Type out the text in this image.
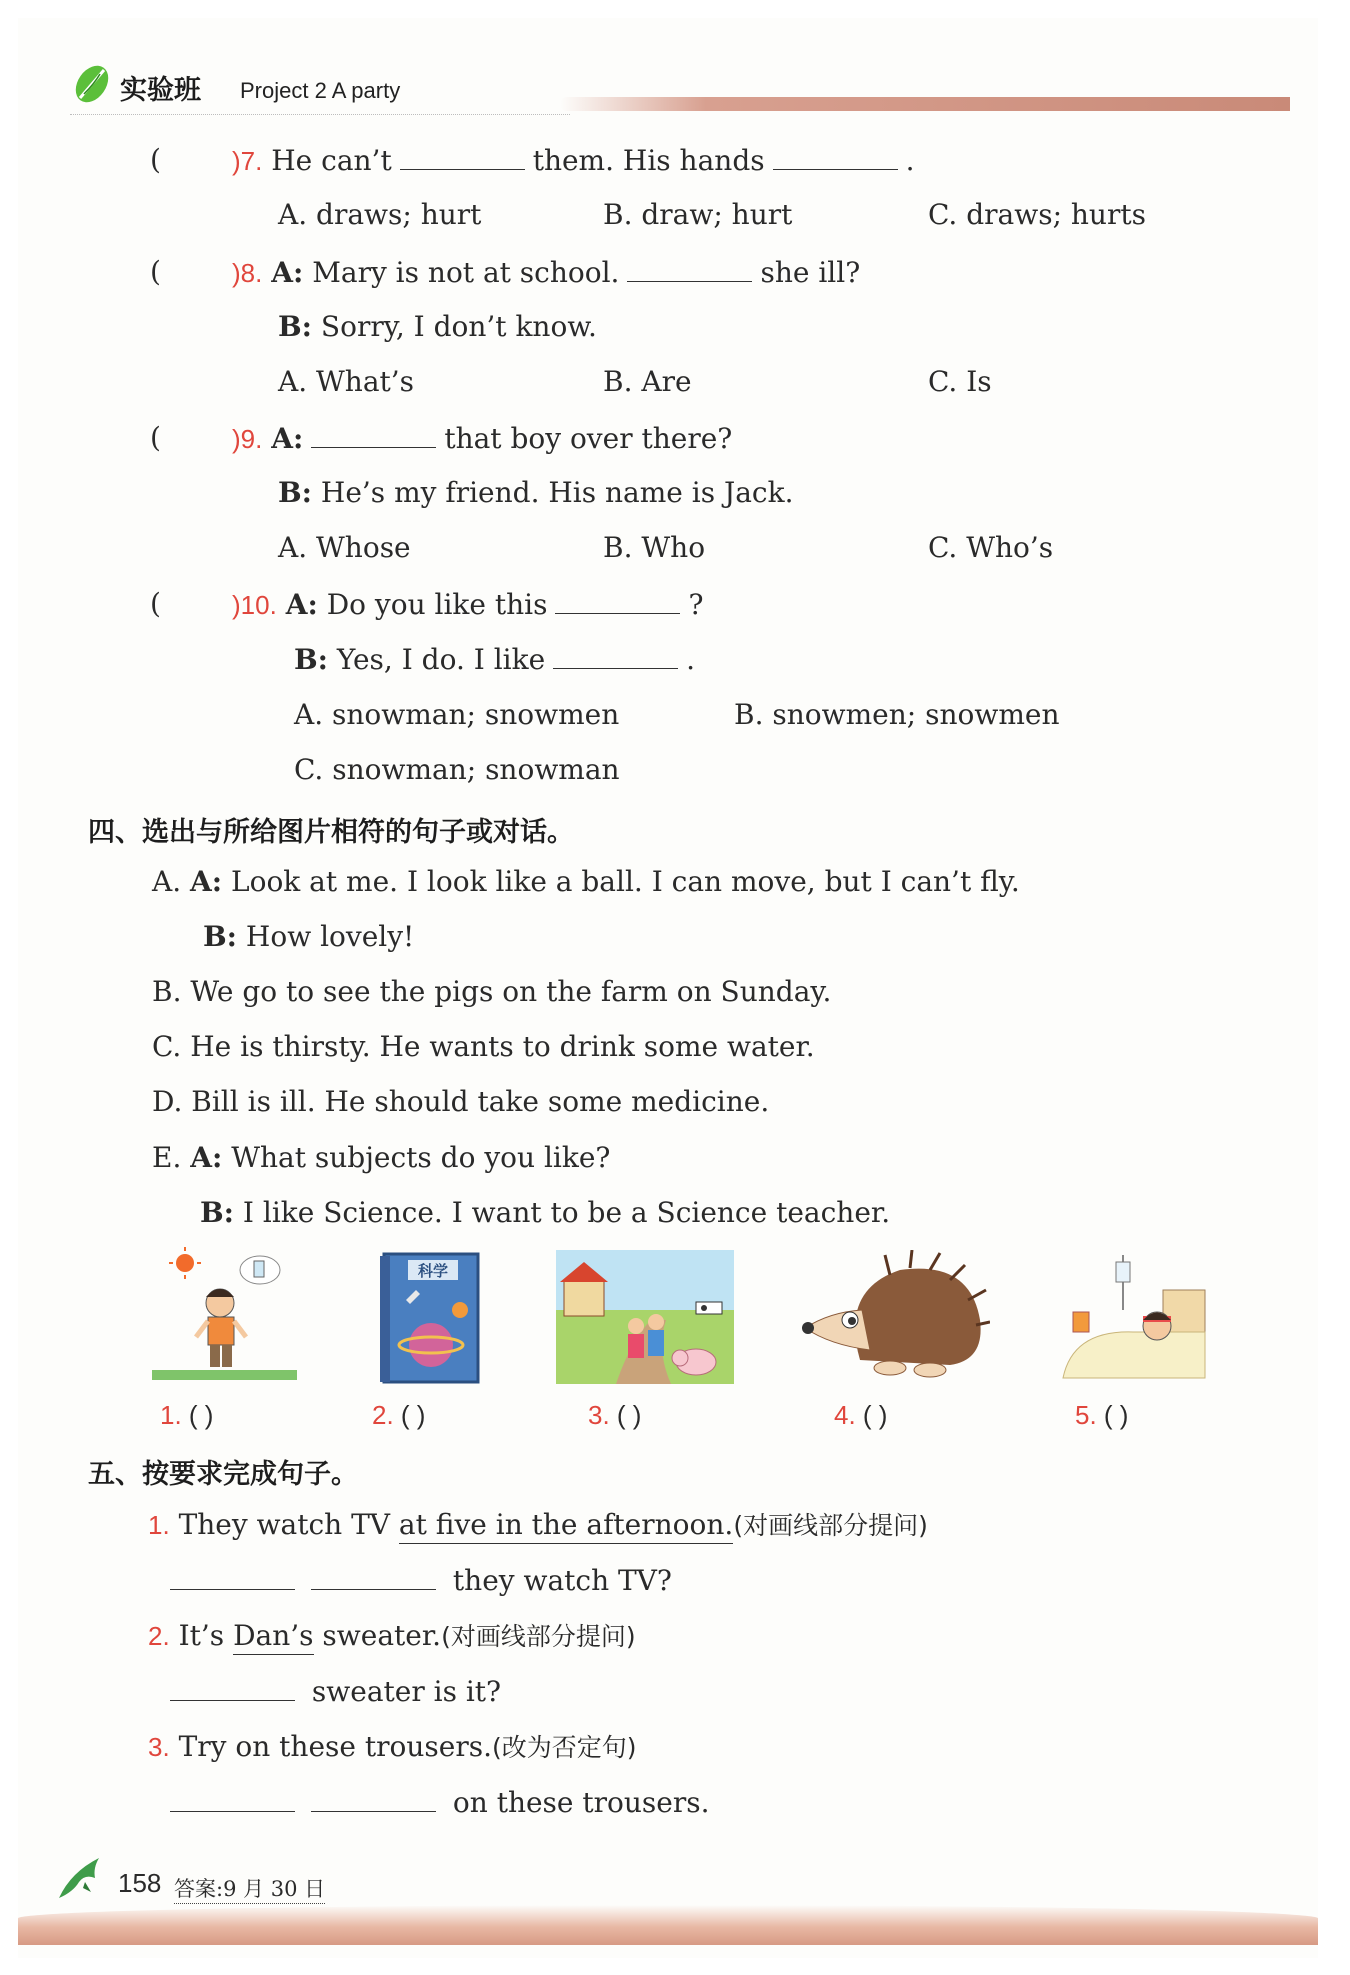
实验班 Project 2 A party
(	)7. He can’t	them. His hands	.
A. draws; hurt	B. draw; hurt	C. draws; hurts
(	)8. A: Mary is not at school.	she ill?
B: Sorry, I don’t know.
A. What’s	B. Are	C. Is
(	)9. A:	that boy over there?
B: He’s my friend. His name is Jack.
A. Whose	B. Who	C. Who’s
(	)10. A: Do you like this	?
B: Yes, I do. I like	.
A. snowman; snowmen	B. snowmen; snowmen
C. snowman; snowman
四、选出与所给图片相符的句子或对话。
A. A: Look at me. I look like a ball. I can move, but I can’t fly.
B: How lovely!
B. We go to see the pigs on the farm on Sunday.
C. He is thirsty. He wants to drink some water.
D. Bill is ill. He should take some medicine.
E. A: What subjects do you like?
B: I like Science. I want to be a Science teacher.
科学
1. ( )	2. ( )	3. ( )	4. ( )	5. ( )
五、按要求完成句子。
1. They watch TV at five in the afternoon.(对画线部分提问)
they watch TV?
2. It’s Dan’s sweater.(对画线部分提问)
sweater is it?
3. Try on these trousers.(改为否定句)
on these trousers.
158 答案:9 月 30 日
